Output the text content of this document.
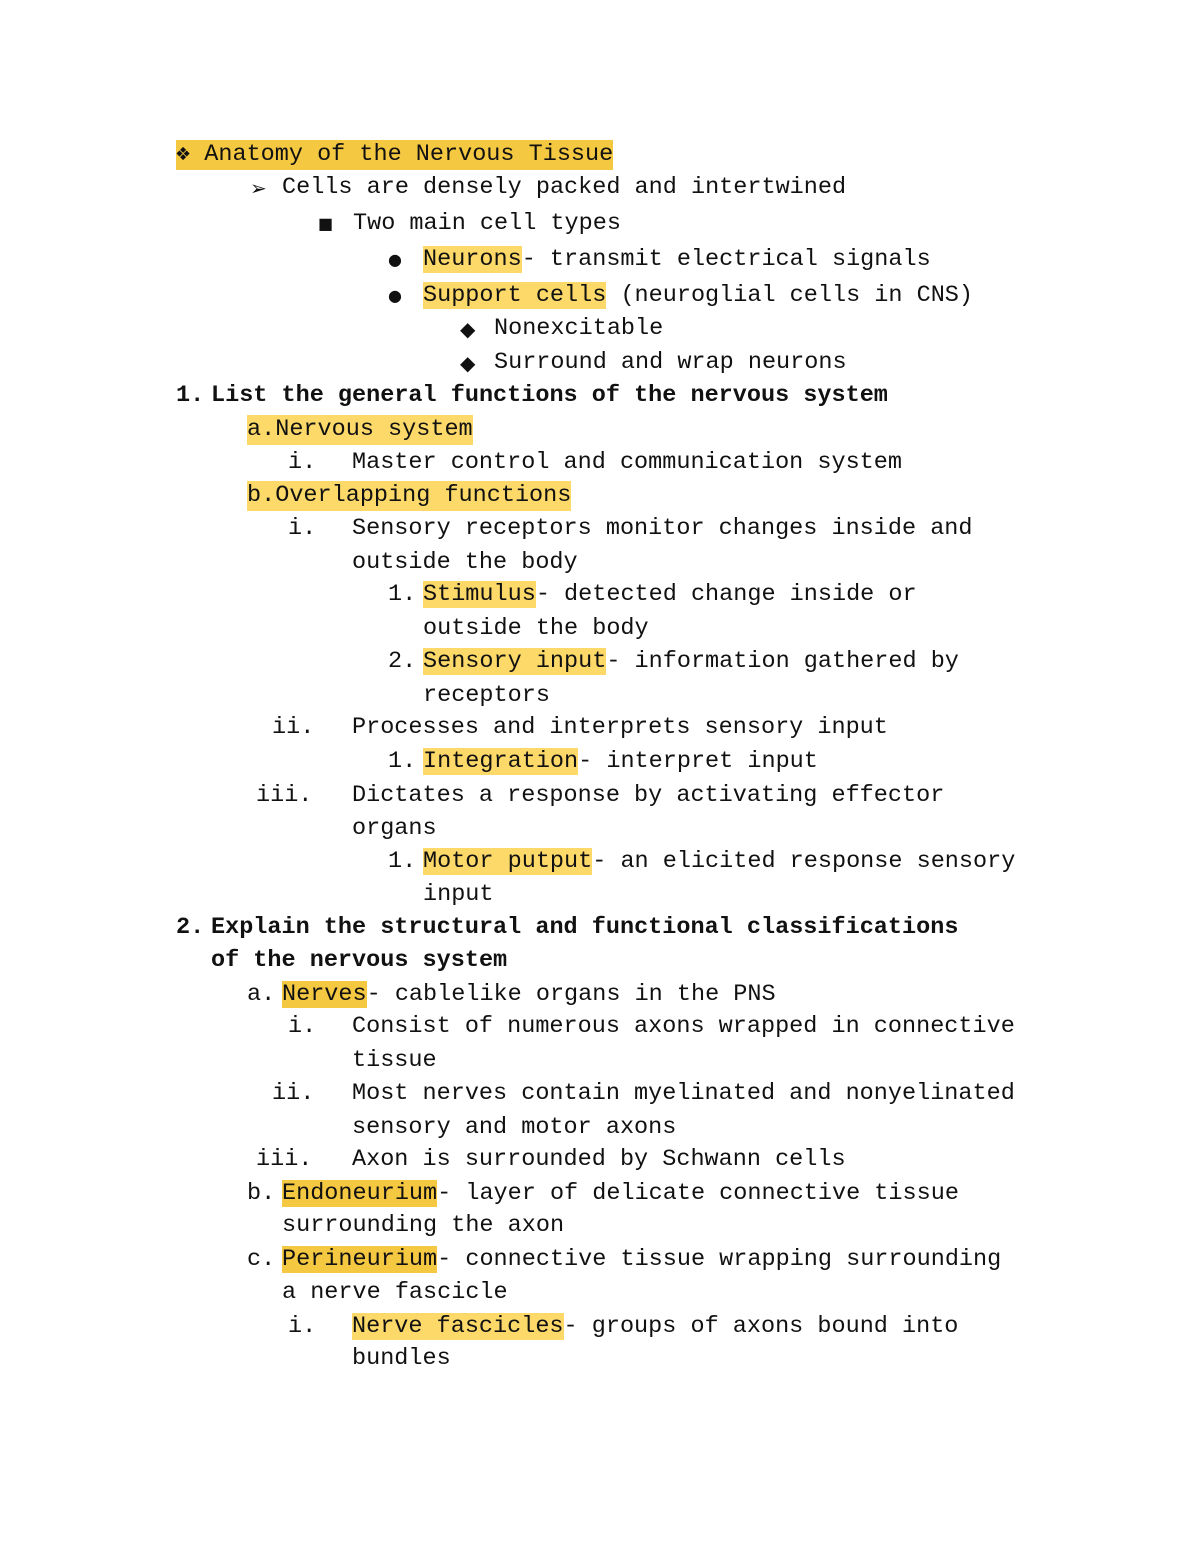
❖ Anatomy of the Nervous Tissue
➢ Cells are densely packed and intertwined
■ Two main cell types
● Neurons- transmit electrical signals
● Support cells (neuroglial cells in CNS)
◆ Nonexcitable
◆ Surround and wrap neurons
1. List the general functions of the nervous system
a.Nervous system
i. Master control and communication system
b.Overlapping functions
i. Sensory receptors monitor changes inside and
outside the body
1. Stimulus- detected change inside or
outside the body
2. Sensory input- information gathered by
receptors
ii. Processes and interprets sensory input
1. Integration- interpret input
iii. Dictates a response by activating effector
organs
1. Motor putput- an elicited response sensory
input
2. Explain the structural and functional classifications
of the nervous system
a. Nerves- cablelike organs in the PNS
i. Consist of numerous axons wrapped in connective
tissue
ii. Most nerves contain myelinated and nonyelinated
sensory and motor axons
iii. Axon is surrounded by Schwann cells
b. Endoneurium- layer of delicate connective tissue
surrounding the axon
c. Perineurium- connective tissue wrapping surrounding
a nerve fascicle
i. Nerve fascicles- groups of axons bound into
bundles
